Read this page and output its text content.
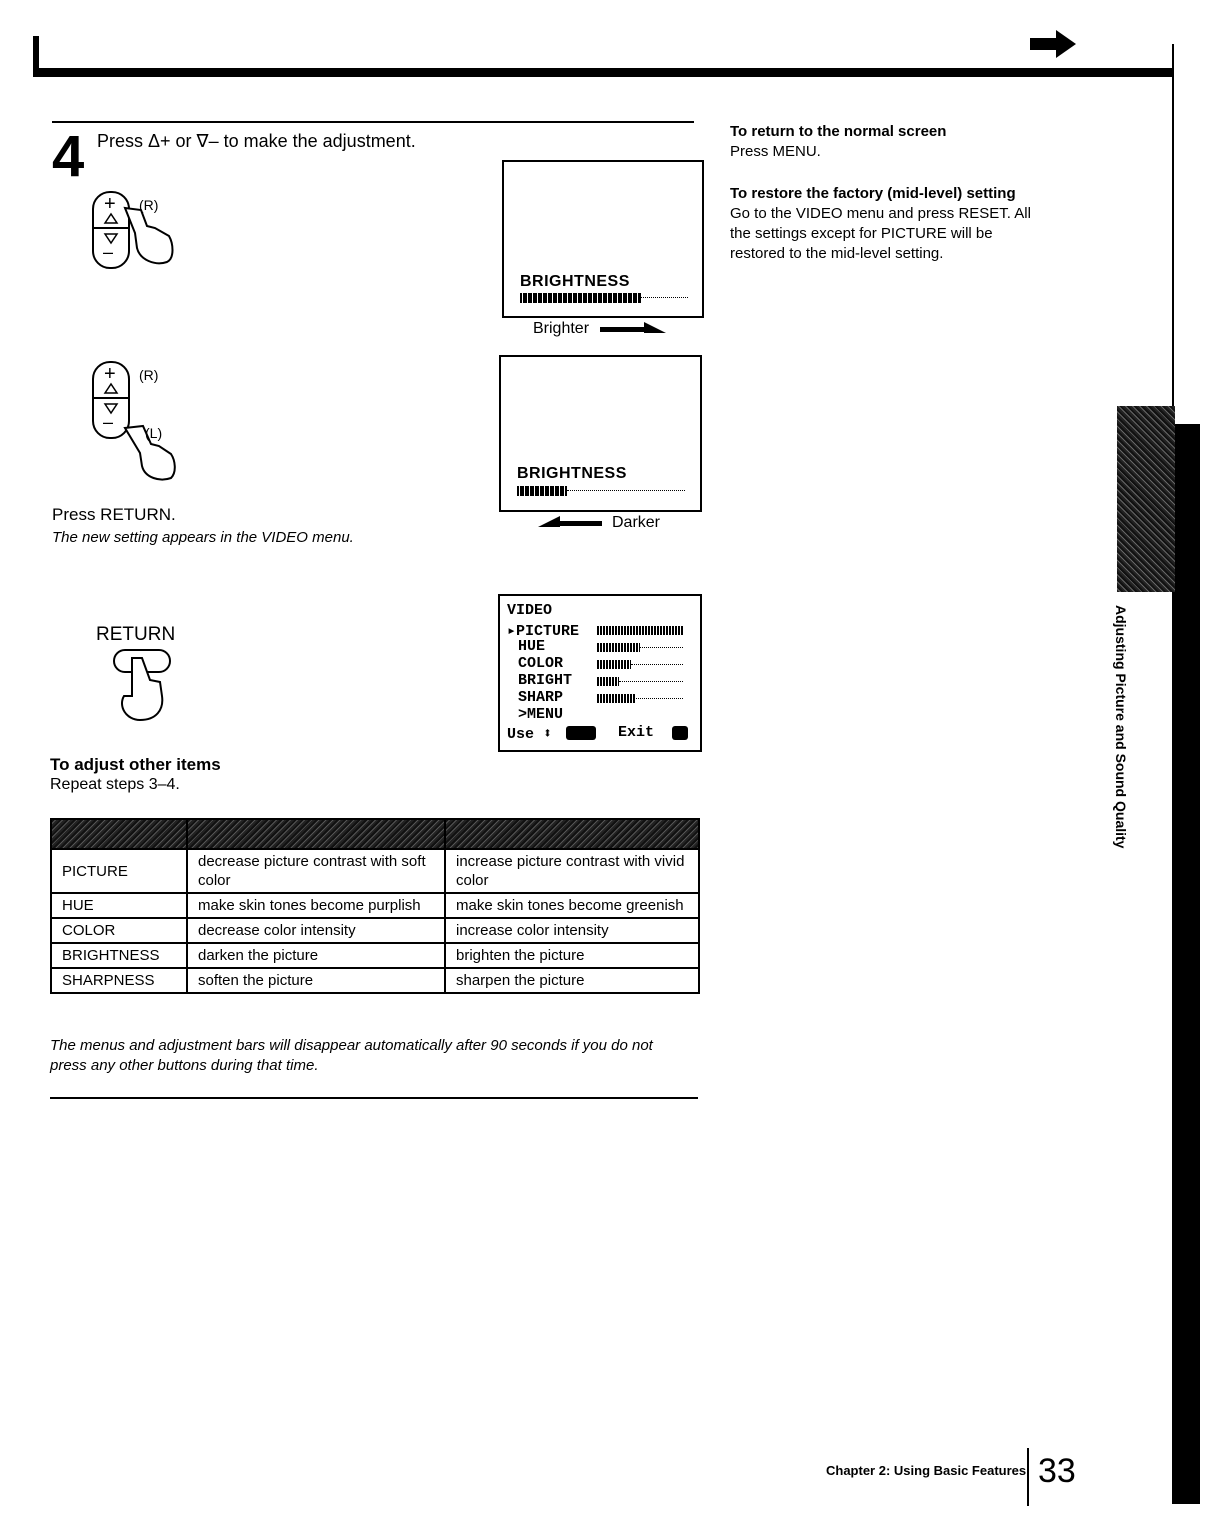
4 Press Δ+ or ∇– to make the adjustment.
+
–
(R)
+
–
(R)
(L)
BRIGHTNESS
Brighter
BRIGHTNESS
Darker
Press RETURN.
The new setting appears in the VIDEO menu.
RETURN
VIDEO
▸PICTURE
HUE
COLOR
BRIGHT
SHARP
>MENU
Use ⬍	Exit
To adjust other items
Repeat steps 3–4.

PICTURE	decrease picture contrast with soft color	increase picture contrast with vivid color
HUE	make skin tones become purplish	make skin tones become greenish
COLOR	decrease color intensity	increase color intensity
BRIGHTNESS	darken the picture	brighten the picture
SHARPNESS	soften the picture	sharpen the picture
The menus and adjustment bars will disappear automatically after 90 seconds if you do not press any other buttons during that time.
To return to the normal screen
Press MENU.
To restore the factory (mid-level) setting
Go to the VIDEO menu and press RESET. All the settings except for PICTURE will be restored to the mid-level setting.
Adjusting Picture and Sound Quality
Chapter 2: Using Basic Features 33
